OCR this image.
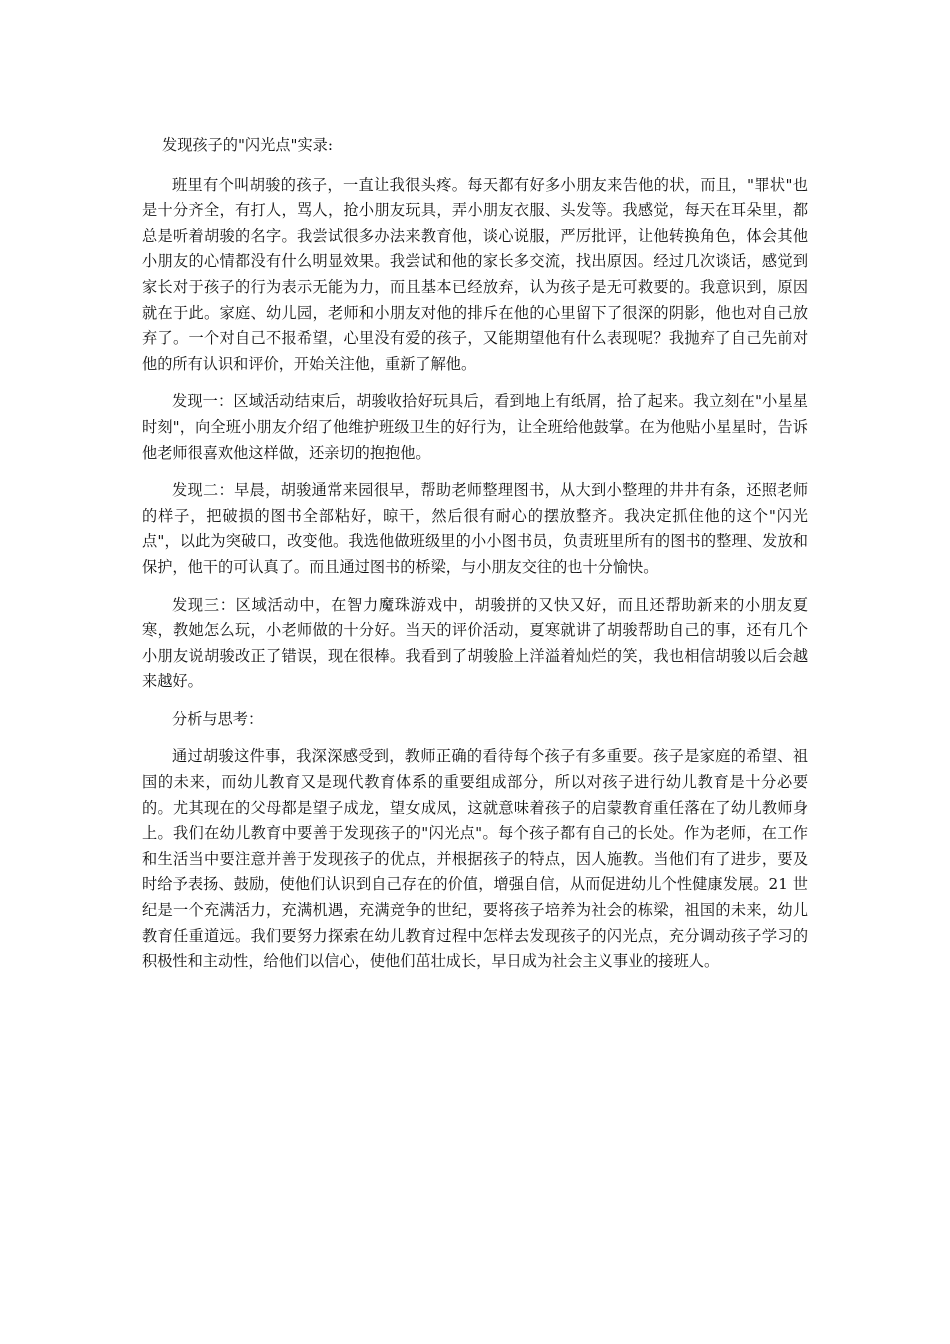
发现孩子的"闪光点"实录:

班里有个叫胡骏的孩子，一直让我很头疼。每天都有好多小朋友来告他的状，而且，"罪状"也是十分齐全，有打人，骂人，抢小朋友玩具，弄小朋友衣服、头发等。我感觉，每天在耳朵里，都总是听着胡骏的名字。我尝试很多办法来教育他，谈心说服，严厉批评，让他转换角色，体会其他小朋友的心情都没有什么明显效果。我尝试和他的家长多交流，找出原因。经过几次谈话，感觉到家长对于孩子的行为表示无能为力，而且基本已经放弃，认为孩子是无可救要的。我意识到，原因就在于此。家庭、幼儿园，老师和小朋友对他的排斥在他的心里留下了很深的阴影，他也对自己放弃了。一个对自己不报希望，心里没有爱的孩子，又能期望他有什么表现呢？我抛弃了自己先前对他的所有认识和评价，开始关注他，重新了解他。

发现一：区域活动结束后，胡骏收拾好玩具后，看到地上有纸屑，拾了起来。我立刻在"小星星时刻"，向全班小朋友介绍了他维护班级卫生的好行为，让全班给他鼓掌。在为他贴小星星时，告诉他老师很喜欢他这样做，还亲切的抱抱他。

发现二：早晨，胡骏通常来园很早，帮助老师整理图书，从大到小整理的井井有条，还照老师的样子，把破损的图书全部粘好，晾干，然后很有耐心的摆放整齐。我决定抓住他的这个"闪光点"，以此为突破口，改变他。我选他做班级里的小小图书员，负责班里所有的图书的整理、发放和保护，他干的可认真了。而且通过图书的桥梁，与小朋友交往的也十分愉快。

发现三：区域活动中，在智力魔珠游戏中，胡骏拼的又快又好，而且还帮助新来的小朋友夏寒，教她怎么玩，小老师做的十分好。当天的评价活动，夏寒就讲了胡骏帮助自己的事，还有几个小朋友说胡骏改正了错误，现在很棒。我看到了胡骏脸上洋溢着灿烂的笑，我也相信胡骏以后会越来越好。

分析与思考：

通过胡骏这件事，我深深感受到，教师正确的看待每个孩子有多重要。孩子是家庭的希望、祖国的未来，而幼儿教育又是现代教育体系的重要组成部分，所以对孩子进行幼儿教育是十分必要的。尤其现在的父母都是望子成龙，望女成凤，这就意味着孩子的启蒙教育重任落在了幼儿教师身上。我们在幼儿教育中要善于发现孩子的"闪光点"。每个孩子都有自己的长处。作为老师，在工作和生活当中要注意并善于发现孩子的优点，并根据孩子的特点，因人施教。当他们有了进步，要及时给予表扬、鼓励，使他们认识到自己存在的价值，增强自信，从而促进幼儿个性健康发展。21 世纪是一个充满活力，充满机遇，充满竞争的世纪，要将孩子培养为社会的栋梁，祖国的未来，幼儿教育任重道远。我们要努力探索在幼儿教育过程中怎样去发现孩子的闪光点，充分调动孩子学习的积极性和主动性，给他们以信心，使他们茁壮成长，早日成为社会主义事业的接班人。
